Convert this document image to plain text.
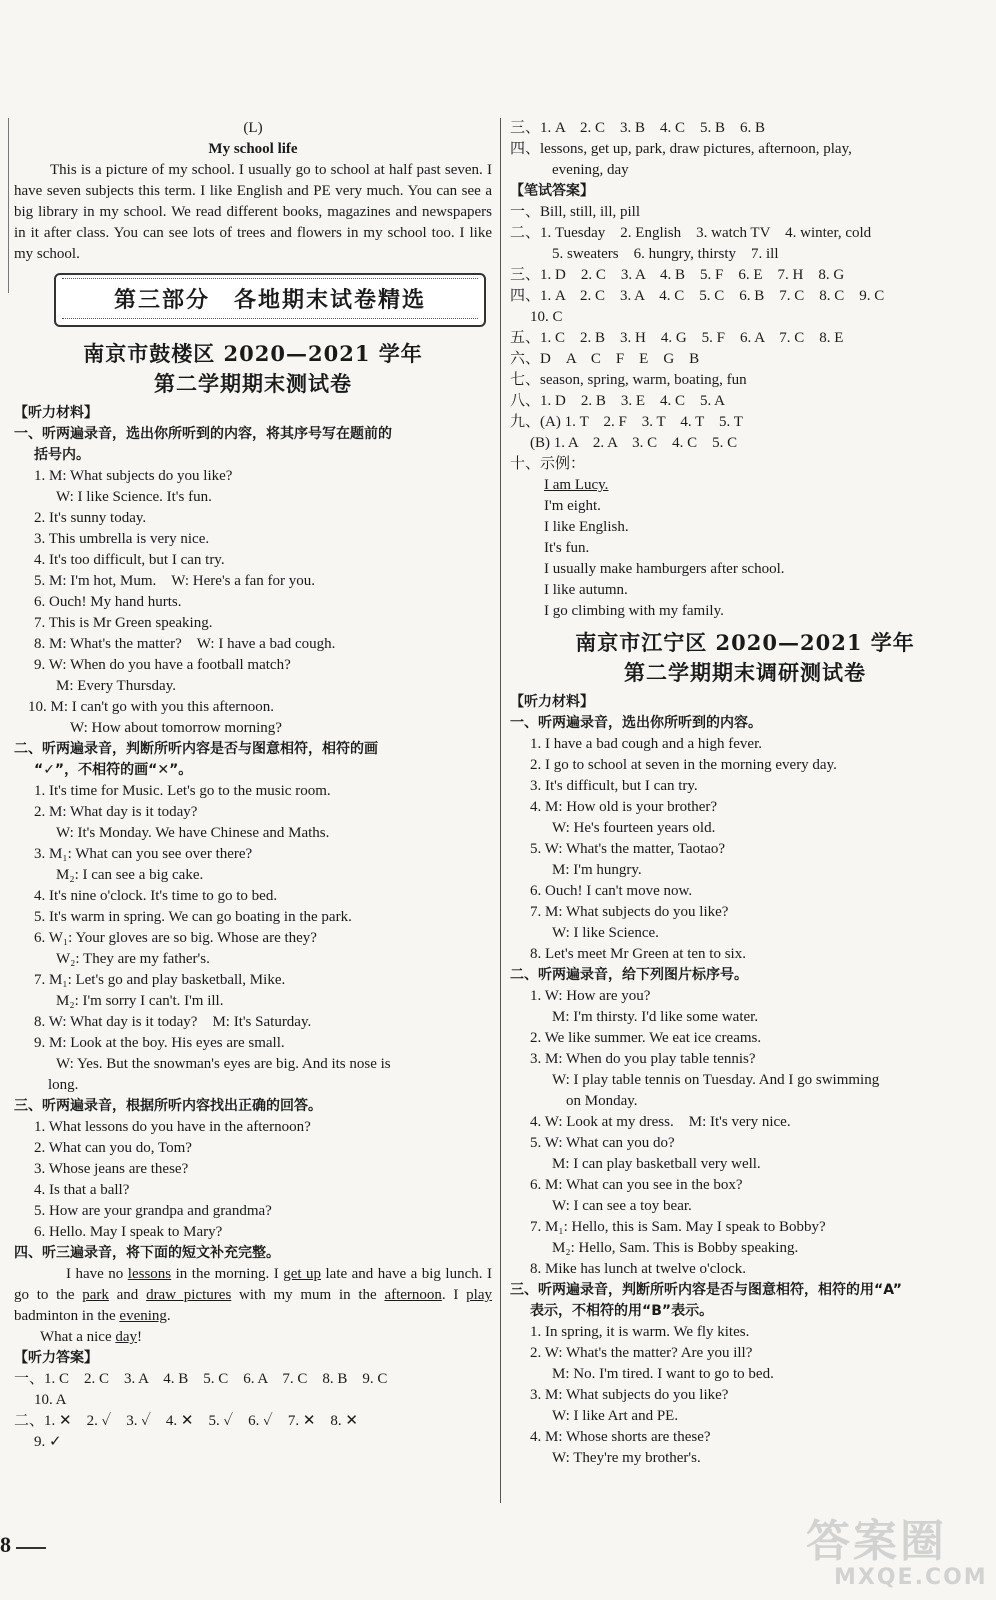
(L)
My school life
This is a picture of my school. I usually go to school at half past seven. I have seven subjects this term. I like English and PE very much. You can see a big library in my school. We read different books, magazines and newspapers in it after class. You can see lots of trees and flowers in my school too. I like my school.
第三部分　各地期末试卷精选
南京市鼓楼区 2020—2021 学年
第二学期期末测试卷
【听力材料】
一、听两遍录音，选出你所听到的内容，将其序号写在题前的
括号内。
1. M: What subjects do you like?
W: I like Science. It's fun.
2. It's sunny today.
3. This umbrella is very nice.
4. It's too difficult, but I can try.
5. M: I'm hot, Mum.　W: Here's a fan for you.
6. Ouch! My hand hurts.
7. This is Mr Green speaking.
8. M: What's the matter?　W: I have a bad cough.
9. W: When do you have a football match?
M: Every Thursday.
10. M: I can't go with you this afternoon.
W: How about tomorrow morning?
二、听两遍录音，判断所听内容是否与图意相符，相符的画
“✓”，不相符的画“✕”。
1. It's time for Music. Let's go to the music room.
2. M: What day is it today?
W: It's Monday. We have Chinese and Maths.
3. M₁: What can you see over there?
M₂: I can see a big cake.
4. It's nine o'clock. It's time to go to bed.
5. It's warm in spring. We can go boating in the park.
6. W₁: Your gloves are so big. Whose are they?
W₂: They are my father's.
7. M₁: Let's go and play basketball, Mike.
M₂: I'm sorry I can't. I'm ill.
8. W: What day is it today?　M: It's Saturday.
9. M: Look at the boy. His eyes are small.
W: Yes. But the snowman's eyes are big. And its nose is
long.
三、听两遍录音，根据所听内容找出正确的回答。
1. What lessons do you have in the afternoon?
2. What can you do, Tom?
3. Whose jeans are these?
4. Is that a ball?
5. How are your grandpa and grandma?
6. Hello. May I speak to Mary?
四、听三遍录音，将下面的短文补充完整。
I have no lessons in the morning. I get up late and have a big lunch. I go to the park and draw pictures with my mum in the afternoon. I play badminton in the evening.
What a nice day!
【听力答案】
一、1. C　2. C　3. A　4. B　5. C　6. A　7. C　8. B　9. C
10. A
二、1. ✕　2. ✓　3. ✓　4. ✕　5. ✓　6. ✓　7. ✕　8. ✕
9. ✓
三、1. A　2. C　3. B　4. C　5. B　6. B
四、lessons, get up, park, draw pictures, afternoon, play,
evening, day
【笔试答案】
一、Bill, still, ill, pill
二、1. Tuesday　2. English　3. watch TV　4. winter, cold
5. sweaters　6. hungry, thirsty　7. ill
三、1. D　2. C　3. A　4. B　5. F　6. E　7. H　8. G
四、1. A　2. C　3. A　4. C　5. C　6. B　7. C　8. C　9. C
10. C
五、1. C　2. B　3. H　4. G　5. F　6. A　7. C　8. E
六、D　A　C　F　E　G　B
七、season, spring, warm, boating, fun
八、1. D　2. B　3. E　4. C　5. A
九、(A) 1. T　2. F　3. T　4. T　5. T
(B) 1. A　2. A　3. C　4. C　5. C
十、示例：
I am Lucy.
I'm eight.
I like English.
It's fun.
I usually make hamburgers after school.
I like autumn.
I go climbing with my family.
南京市江宁区 2020—2021 学年
第二学期期末调研测试卷
【听力材料】
一、听两遍录音，选出你所听到的内容。
1. I have a bad cough and a high fever.
2. I go to school at seven in the morning every day.
3. It's difficult, but I can try.
4. M: How old is your brother?
W: He's fourteen years old.
5. W: What's the matter, Taotao?
M: I'm hungry.
6. Ouch! I can't move now.
7. M: What subjects do you like?
W: I like Science.
8. Let's meet Mr Green at ten to six.
二、听两遍录音，给下列图片标序号。
1. W: How are you?
M: I'm thirsty. I'd like some water.
2. We like summer. We eat ice creams.
3. M: When do you play table tennis?
W: I play table tennis on Tuesday. And I go swimming
on Monday.
4. W: Look at my dress.　M: It's very nice.
5. W: What can you do?
M: I can play basketball very well.
6. M: What can you see in the box?
W: I can see a toy bear.
7. M₁: Hello, this is Sam. May I speak to Bobby?
M₂: Hello, Sam. This is Bobby speaking.
8. Mike has lunch at twelve o'clock.
三、听两遍录音，判断所听内容是否与图意相符，相符的用“A”
表示，不相符的用“B”表示。
1. In spring, it is warm. We fly kites.
2. W: What's the matter? Are you ill?
M: No. I'm tired. I want to go to bed.
3. M: What subjects do you like?
W: I like Art and PE.
4. M: Whose shorts are these?
W: They're my brother's.
8	答案圈
MXQE.COM
